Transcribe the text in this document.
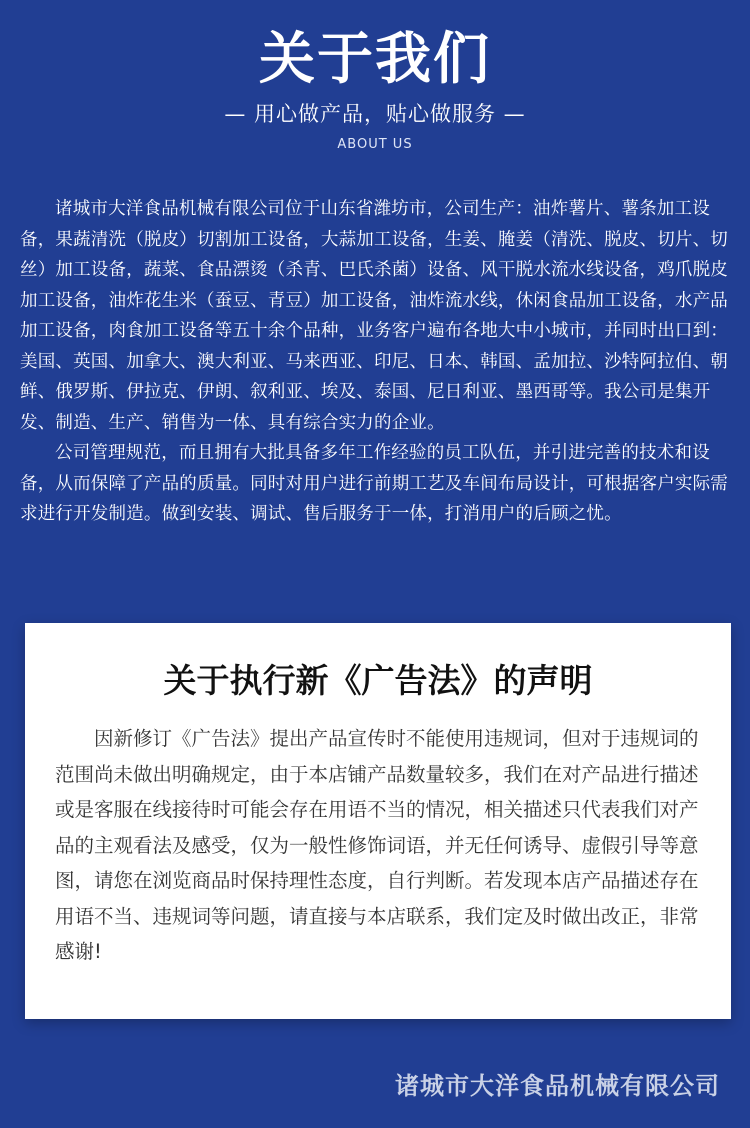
关于我们
— 用心做产品，贴心做服务 —
ABOUT US

诸城市大洋食品机械有限公司位于山东省潍坊市，公司生产：油炸薯片、薯条加工设备，果蔬清洗（脱皮）切割加工设备，大蒜加工设备，生姜、腌姜（清洗、脱皮、切片、切丝）加工设备，蔬菜、食品漂烫（杀青、巴氏杀菌）设备、风干脱水流水线设备，鸡爪脱皮加工设备，油炸花生米（蚕豆、青豆）加工设备，油炸流水线，休闲食品加工设备，水产品加工设备，肉食加工设备等五十余个品种，业务客户遍布各地大中小城市，并同时出口到：美国、英国、加拿大、澳大利亚、马来西亚、印尼、日本、韩国、孟加拉、沙特阿拉伯、朝鲜、俄罗斯、伊拉克、伊朗、叙利亚、埃及、泰国、尼日利亚、墨西哥等。我公司是集开发、制造、生产、销售为一体、具有综合实力的企业。

公司管理规范，而且拥有大批具备多年工作经验的员工队伍，并引进完善的技术和设备，从而保障了产品的质量。同时对用户进行前期工艺及车间布局设计，可根据客户实际需求进行开发制造。做到安装、调试、售后服务于一体，打消用户的后顾之忧。

关于执行新《广告法》的声明

因新修订《广告法》提出产品宣传时不能使用违规词，但对于违规词的范围尚未做出明确规定，由于本店铺产品数量较多，我们在对产品进行描述或是客服在线接待时可能会存在用语不当的情况，相关描述只代表我们对产品的主观看法及感受，仅为一般性修饰词语，并无任何诱导、虚假引导等意图，请您在浏览商品时保持理性态度，自行判断。若发现本店产品描述存在用语不当、违规词等问题，请直接与本店联系，我们定及时做出改正，非常感谢!

诸城市大洋食品机械有限公司
